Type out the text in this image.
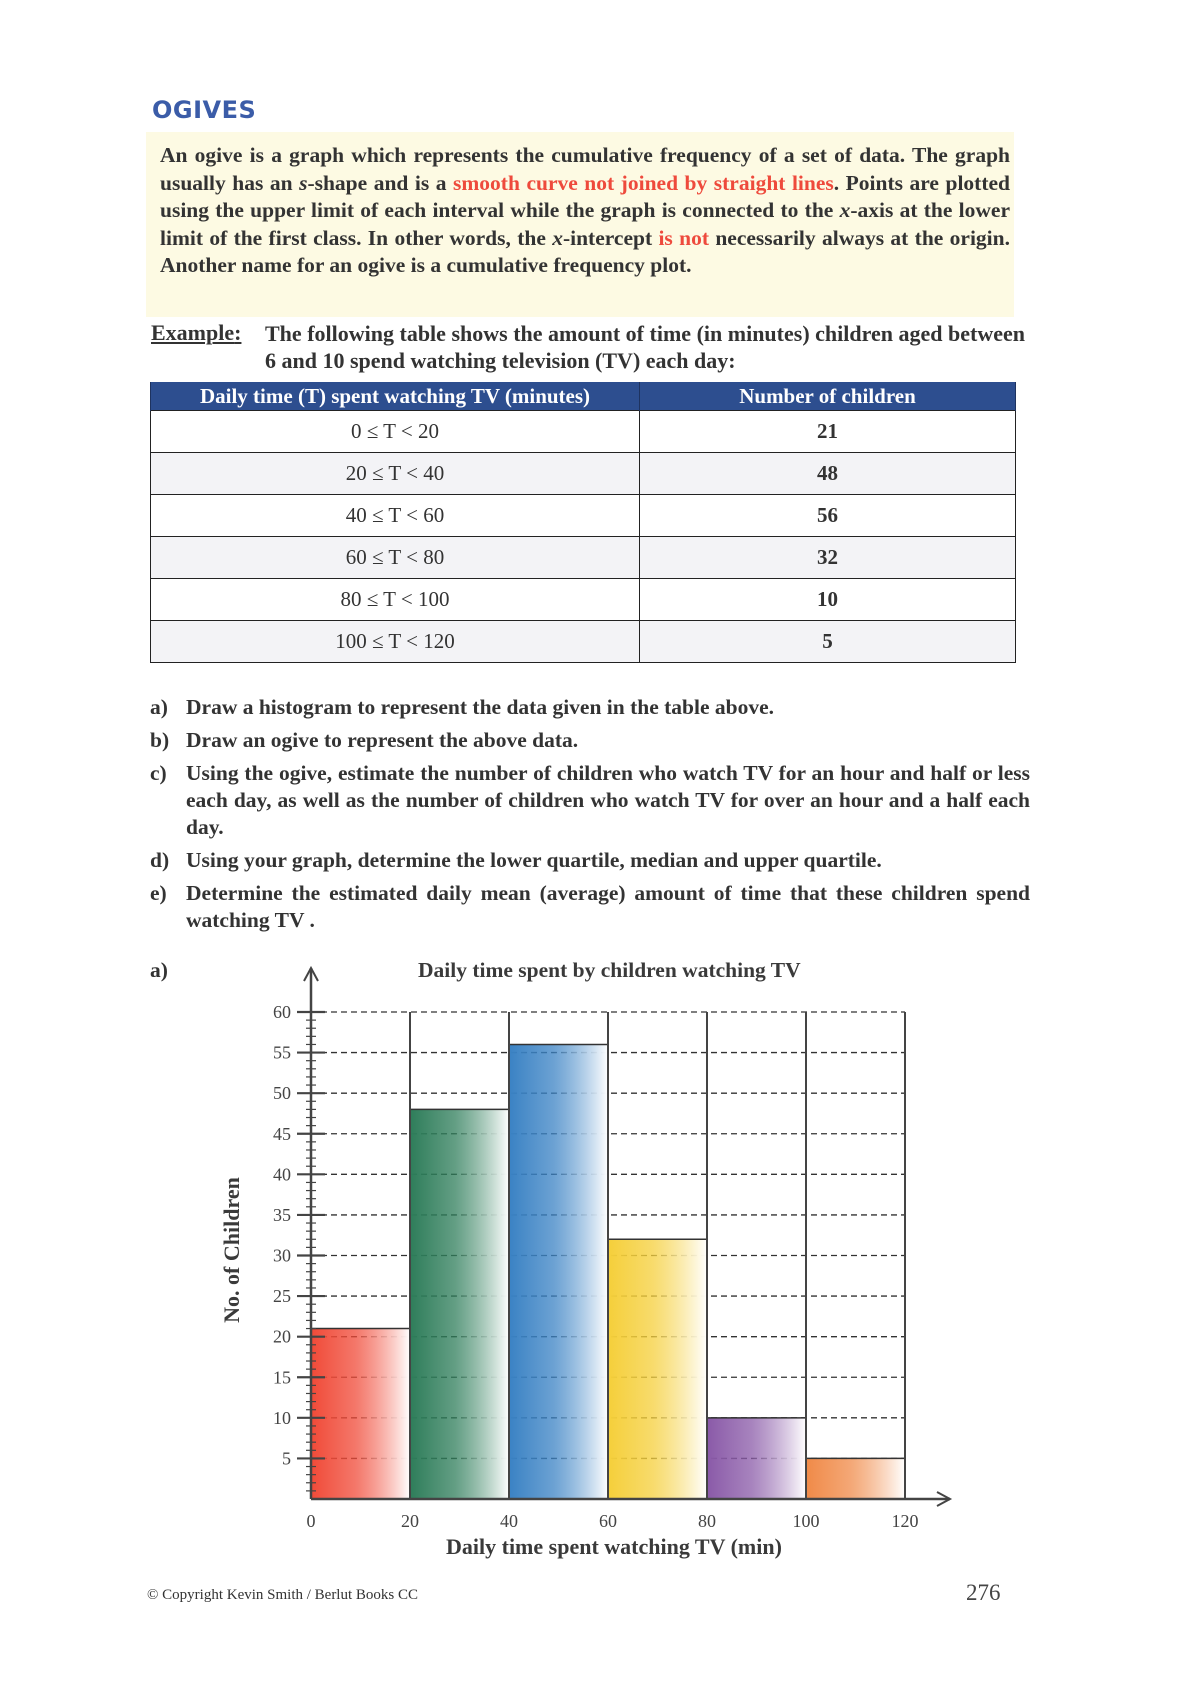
OGIVES
An ogive is a graph which represents the cumulative frequency of a set of data. The graph usually has an s-shape and is a smooth curve not joined by straight lines. Points are plotted using the upper limit of each interval while the graph is connected to the x-axis at the lower limit of the first class. In other words, the x-intercept is not necessarily always at the origin. Another name for an ogive is a cumulative frequency plot.
Example: The following table shows the amount of time (in minutes) children aged between 6 and 10 spend watching television (TV) each day:
Daily time (T) spent watching TV (minutes)	Number of children
0 ≤ T < 20	21
20 ≤ T < 40	48
40 ≤ T < 60	56
60 ≤ T < 80	32
80 ≤ T < 100	10
100 ≤ T < 120	5
a) Draw a histogram to represent the data given in the table above.
b) Draw an ogive to represent the above data.
c) Using the ogive, estimate the number of children who watch TV for an hour and half or less each day, as well as the number of children who watch TV for over an hour and a half each day.
d) Using your graph, determine the lower quartile, median and upper quartile.
e) Determine the estimated daily mean (average) amount of time that these children spend watching TV .
a)	Daily time spent by children watching TV
5
10
15
20
25
30
35
40
45
50
55
60
0	20	40	60	80	100	120
No. of Children
Daily time spent watching TV (min)
© Copyright Kevin Smith / Berlut Books CC	276
